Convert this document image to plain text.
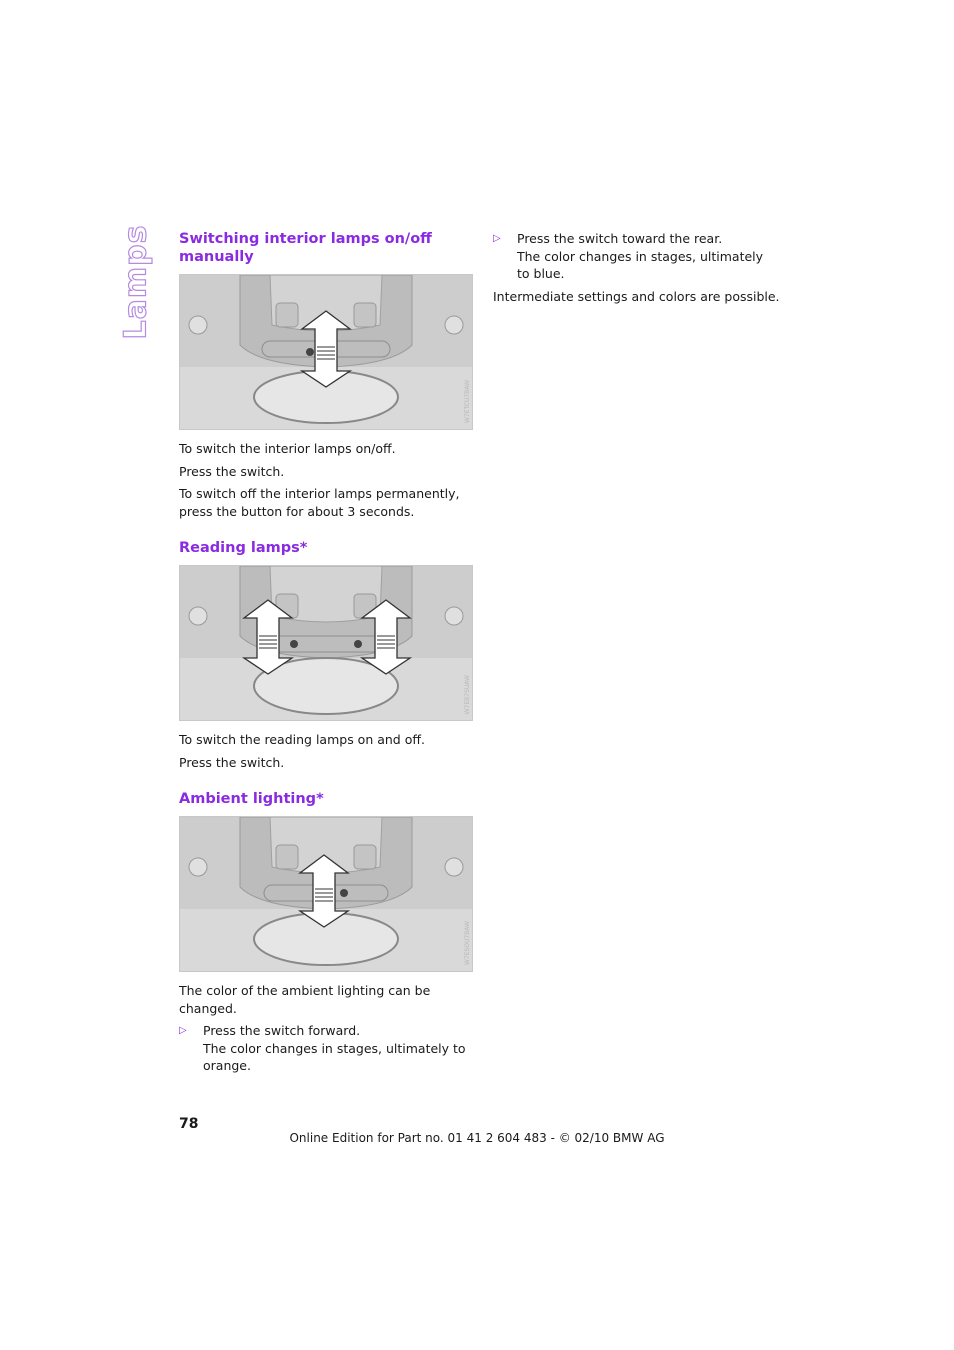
Lamps Switching interior lamps on/off manually
W7ETCU7BAW

To switch the interior lamps on/off.

Press the switch.

To switch off the interior lamps permanently, press the button for about 3 seconds.

Reading lamps*
W7EB7SUAW

To switch the reading lamps on and off.

Press the switch.

Ambient lighting*
W7ESOU7BAW

The color of the ambient lighting can be changed.

▷	Press the switch forward.
The color changes in stages, ultimately to orange.
▷	Press the switch toward the rear.
The color changes in stages, ultimately to blue.

Intermediate settings and colors are possible.

78
Online Edition for Part no. 01 41 2 604 483 - © 02/10 BMW AG
